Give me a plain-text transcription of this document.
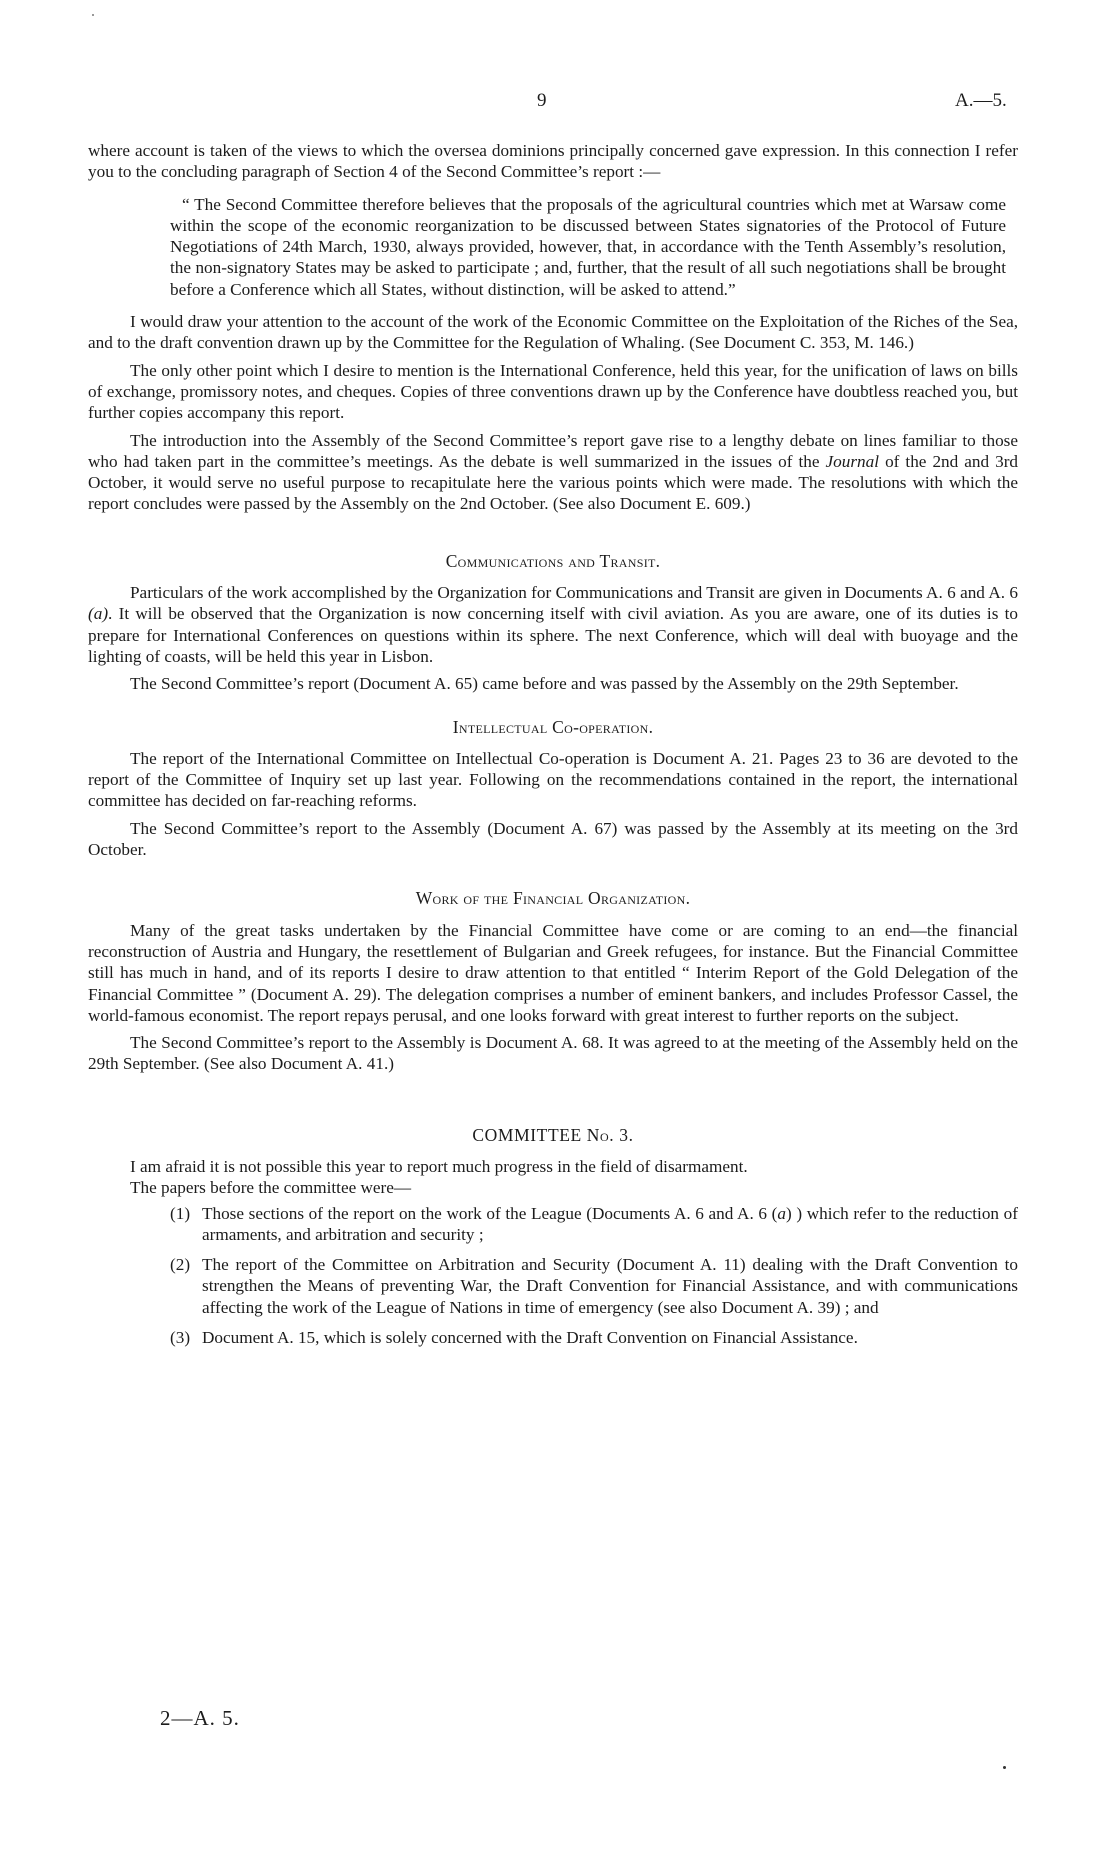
9	A.—5.

where account is taken of the views to which the oversea dominions principally concerned gave expression. In this connection I refer you to the concluding paragraph of Section 4 of the Second Committee’s report :—

“ The Second Committee therefore believes that the proposals of the agricultural countries which met at Warsaw come within the scope of the economic reorganization to be discussed between States signatories of the Protocol of Future Negotiations of 24th March, 1930, always provided, however, that, in accordance with the Tenth Assembly’s resolution, the non-signatory States may be asked to participate ; and, further, that the result of all such negotiations shall be brought before a Conference which all States, without distinction, will be asked to attend.”

I would draw your attention to the account of the work of the Economic Committee on the Exploitation of the Riches of the Sea, and to the draft convention drawn up by the Committee for the Regulation of Whaling. (See Document C. 353, M. 146.)

The only other point which I desire to mention is the International Conference, held this year, for the unification of laws on bills of exchange, promissory notes, and cheques. Copies of three conventions drawn up by the Conference have doubtless reached you, but further copies accompany this report.

The introduction into the Assembly of the Second Committee’s report gave rise to a lengthy debate on lines familiar to those who had taken part in the committee’s meetings. As the debate is well summarized in the issues of the Journal of the 2nd and 3rd October, it would serve no useful purpose to recapitulate here the various points which were made. The resolutions with which the report concludes were passed by the Assembly on the 2nd October. (See also Document E. 609.)

Communications and Transit.

Particulars of the work accomplished by the Organization for Communications and Transit are given in Documents A. 6 and A. 6 (a). It will be observed that the Organization is now concerning itself with civil aviation. As you are aware, one of its duties is to prepare for International Conferences on questions within its sphere. The next Conference, which will deal with buoyage and the lighting of coasts, will be held this year in Lisbon.

The Second Committee’s report (Document A. 65) came before and was passed by the Assembly on the 29th September.

Intellectual Co-operation.

The report of the International Committee on Intellectual Co-operation is Document A. 21. Pages 23 to 36 are devoted to the report of the Committee of Inquiry set up last year. Following on the recommendations contained in the report, the international committee has decided on far-reaching reforms.

The Second Committee’s report to the Assembly (Document A. 67) was passed by the Assembly at its meeting on the 3rd October.

Work of the Financial Organization.

Many of the great tasks undertaken by the Financial Committee have come or are coming to an end—the financial reconstruction of Austria and Hungary, the resettlement of Bulgarian and Greek refugees, for instance. But the Financial Committee still has much in hand, and of its reports I desire to draw attention to that entitled “ Interim Report of the Gold Delegation of the Financial Committee ” (Document A. 29). The delegation comprises a number of eminent bankers, and includes Professor Cassel, the world-famous economist. The report repays perusal, and one looks forward with great interest to further reports on the subject.

The Second Committee’s report to the Assembly is Document A. 68. It was agreed to at the meeting of the Assembly held on the 29th September. (See also Document A. 41.)

COMMITTEE No. 3.

I am afraid it is not possible this year to report much progress in the field of disarmament.

The papers before the committee were—

(1) Those sections of the report on the work of the League (Documents A. 6 and A. 6 (a) ) which refer to the reduction of armaments, and arbitration and security ;
(2) The report of the Committee on Arbitration and Security (Document A. 11) dealing with the Draft Convention to strengthen the Means of preventing War, the Draft Convention for Financial Assistance, and with communications affecting the work of the League of Nations in time of emergency (see also Document A. 39) ; and
(3) Document A. 15, which is solely concerned with the Draft Convention on Financial Assistance.
2—A. 5.
